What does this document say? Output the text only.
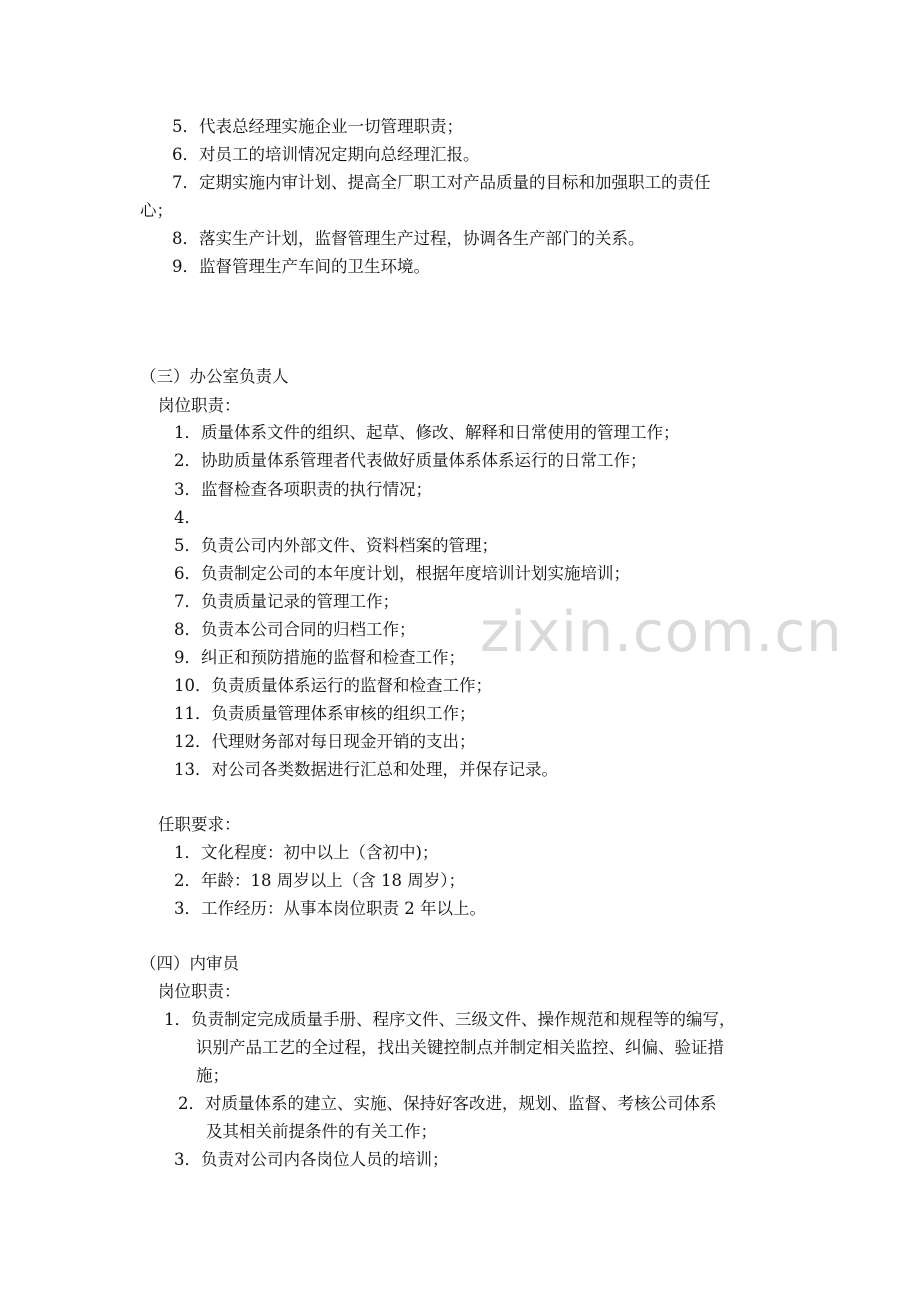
zixin.com.cn
5．代表总经理实施企业一切管理职责；
6．对员工的培训情况定期向总经理汇报。
7．定期实施内审计划、提高全厂职工对产品质量的目标和加强职工的责任
心；
8．落实生产计划，监督管理生产过程，协调各生产部门的关系。
9．监督管理生产车间的卫生环境。
（三）办公室负责人
岗位职责：
1．质量体系文件的组织、起草、修改、解释和日常使用的管理工作；
2．协助质量体系管理者代表做好质量体系体系运行的日常工作；
3．监督检查各项职责的执行情况；
4．
5．负责公司内外部文件、资料档案的管理；
6．负责制定公司的本年度计划，根据年度培训计划实施培训；
7．负责质量记录的管理工作；
8．负责本公司合同的归档工作；
9．纠正和预防措施的监督和检查工作；
10．负责质量体系运行的监督和检查工作；
11．负责质量管理体系审核的组织工作；
12．代理财务部对每日现金开销的支出；
13．对公司各类数据进行汇总和处理，并保存记录。
任职要求：
1．文化程度：初中以上（含初中)；
2．年龄：18 周岁以上（含 18 周岁）；
3．工作经历：从事本岗位职责 2 年以上。
（四）内审员
岗位职责：
1．负责制定完成质量手册、程序文件、三级文件、操作规范和规程等的编写，
识别产品工艺的全过程，找出关键控制点并制定相关监控、纠偏、验证措
施；
2．对质量体系的建立、实施、保持好客改进，规划、监督、考核公司体系
及其相关前提条件的有关工作；
3．负责对公司内各岗位人员的培训；
